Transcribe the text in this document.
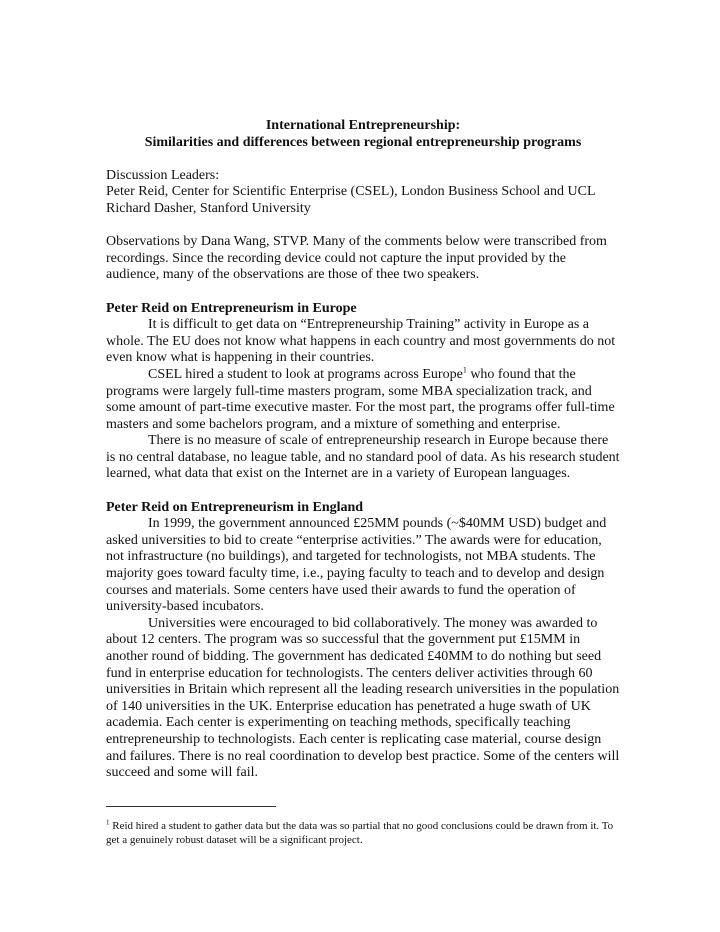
International Entrepreneurship:

Similarities and differences between regional entrepreneurship programs

Discussion Leaders:

Peter Reid, Center for Scientific Enterprise (CSEL), London Business School and UCL

Richard Dasher, Stanford University

Observations by Dana Wang, STVP. Many of the comments below were transcribed from recordings. Since the recording device could not capture the input provided by the audience, many of the observations are those of thee two speakers.

Peter Reid on Entrepreneurism in Europe

It is difficult to get data on “Entrepreneurship Training” activity in Europe as a whole. The EU does not know what happens in each country and most governments do not even know what is happening in their countries.

CSEL hired a student to look at programs across Europe$^1$ who found that the programs were largely full-time masters program, some MBA specialization track, and some amount of part-time executive master. For the most part, the programs offer full-time masters and some bachelors program, and a mixture of something and enterprise.

There is no measure of scale of entrepreneurship research in Europe because there is no central database, no league table, and no standard pool of data. As his research student learned, what data that exist on the Internet are in a variety of European languages.

Peter Reid on Entrepreneurism in England

In 1999, the government announced £25MM pounds (~$40MM USD) budget and asked universities to bid to create “enterprise activities.” The awards were for education, not infrastructure (no buildings), and targeted for technologists, not MBA students. The majority goes toward faculty time, i.e., paying faculty to teach and to develop and design courses and materials. Some centers have used their awards to fund the operation of university-based incubators.

Universities were encouraged to bid collaboratively. The money was awarded to about 12 centers. The program was so successful that the government put £15MM in another round of bidding. The government has dedicated £40MM to do nothing but seed fund in enterprise education for technologists. The centers deliver activities through 60 universities in Britain which represent all the leading research universities in the population of 140 universities in the UK. Enterprise education has penetrated a huge swath of UK academia. Each center is experimenting on teaching methods, specifically teaching entrepreneurship to technologists. Each center is replicating case material, course design and failures. There is no real coordination to develop best practice. Some of the centers will succeed and some will fail.

$^1$ Reid hired a student to gather data but the data was so partial that no good conclusions could be drawn from it. To get a genuinely robust dataset will be a significant project.
